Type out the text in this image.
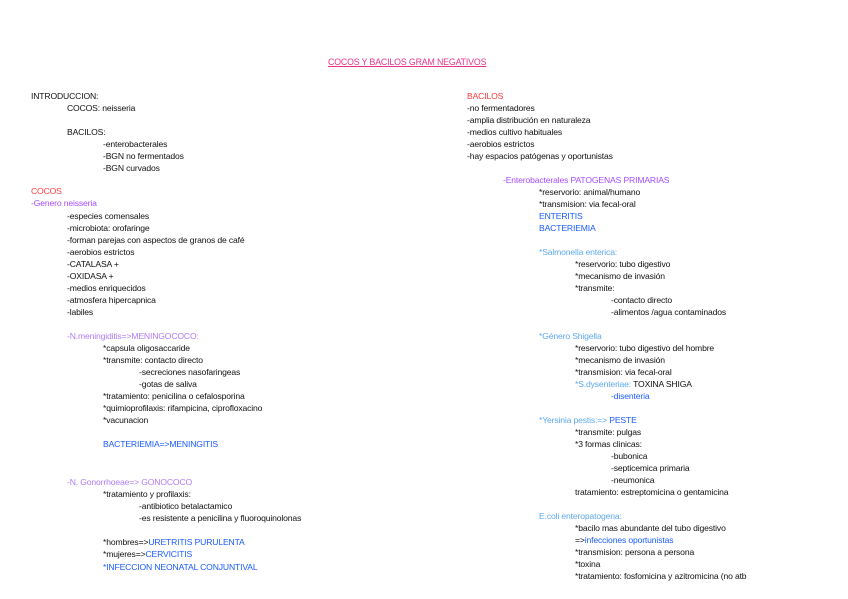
COCOS Y BACILOS GRAM NEGATIVOS
INTRODUCCION:
COCOS: neisseria
BACILOS:
-enterobacterales
-BGN no fermentados
-BGN curvados
COCOS
-Genero neisseria
-especies comensales
-microbiota: orofaringe
-forman parejas con aspectos de granos de café
-aerobios estrictos
-CATALASA +
-OXIDASA +
-medios enriquecidos
-atmosfera hipercapnica
-labiles
-N.meningiditis=>MENINGOCOCO:
*capsula oligosaccaride
*transmite: contacto directo
-secreciones nasofaringeas
-gotas de saliva
*tratamiento: penicilina o cefalosporina
*quimioprofilaxis: rifampicina, ciprofloxacino
*vacunacion
BACTERIEMIA=>MENINGITIS
-N. Gonorrhoeae=> GONOCOCO
*tratamiento y profilaxis:
-antibiotico betalactamico
-es resistente a penicilina y fluoroquinolonas
*INFECCION NEONATAL CONJUNTIVAL
BACILOS
-no fermentadores
-amplia distribución en naturaleza
-medios cultivo habituales
-aerobios estrictos
-hay espacios patógenas y oportunistas
-Enterobacterales PATOGENAS PRIMARIAS
*reservorio: animal/humano
*transmision: via fecal-oral
ENTERITIS
BACTERIEMIA
*Salmonella enterica:
*reservorio: tubo digestivo
*mecanismo de invasión
*transmite:
-contacto directo
-alimentos /agua contaminados
*Género Shigella
*reservorio: tubo digestivo del hombre
*mecanismo de invasión
*transmision: via fecal-oral
-disenteria
*transmite: pulgas
*3 formas clinicas:
-bubonica
-septicemica primaria
-neumonica
tratamiento: estreptomicina o gentamicina
E.coli enteropatogena:
*bacilo mas abundante del tubo digestivo
*transmision: persona a persona
*toxina
*tratamiento: fosfomicina y azitromicina (no atb
*hombres=>URETRITIS PURULENTA
*mujeres=>CERVICITIS
*S.dysenteriae: TOXINA SHIGA
*Yersinia pestis:=> PESTE
=>infecciones oportunistas
